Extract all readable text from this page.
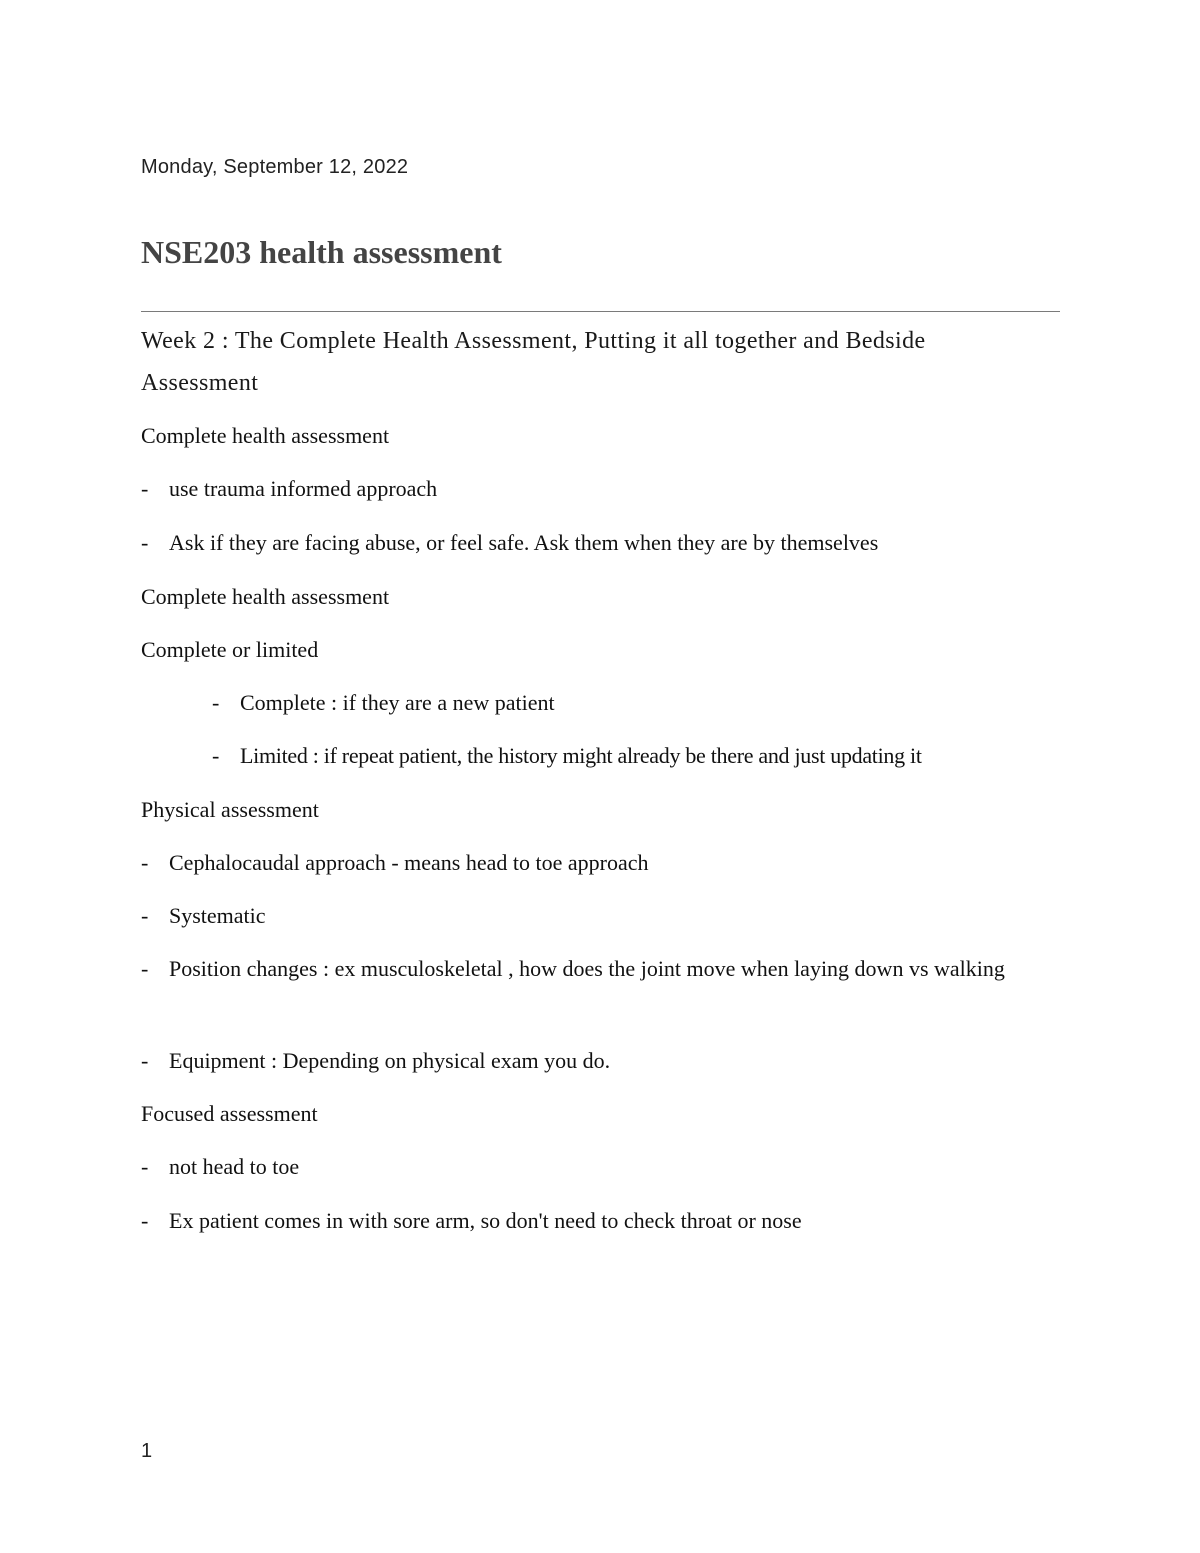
Monday, September 12, 2022
NSE203 health assessment
Week 2 : The Complete Health Assessment, Putting it all together and Bedside Assessment
Complete health assessment
- use trauma informed approach
- Ask if they are facing abuse, or feel safe. Ask them when they are by themselves
Complete health assessment
Complete or limited
- Complete : if they are a new patient
- Limited : if repeat patient, the history might already be there and just updating it
Physical assessment
- Cephalocaudal approach - means head to toe approach
- Systematic
- Position changes : ex musculoskeletal , how does the joint move when laying down vs walking
- Equipment : Depending on physical exam you do.
Focused assessment
- not head to toe
- Ex patient comes in with sore arm, so don't need to check throat or nose
1
